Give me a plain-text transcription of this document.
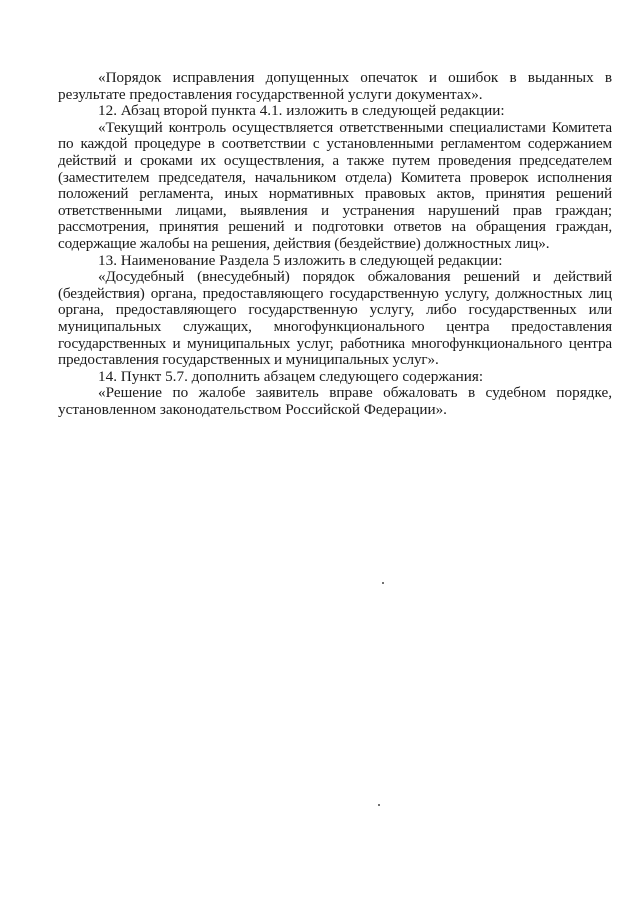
«Порядок исправления допущенных опечаток и ошибок в выданных в результате предоставления государственной услуги документах».

12. Абзац второй пункта 4.1. изложить в следующей редакции:

«Текущий контроль осуществляется ответственными специалистами Комитета по каждой процедуре в соответствии с установленными регламентом содержанием действий и сроками их осуществления, а также путем проведения председателем (заместителем председателя, начальником отдела) Комитета проверок исполнения положений регламента, иных нормативных правовых актов, принятия решений ответственными лицами, выявления и устранения нарушений прав граждан; рассмотрения, принятия решений и подготовки ответов на обращения граждан, содержащие жалобы на решения, действия (бездействие) должностных лиц».

13. Наименование Раздела 5 изложить в следующей редакции:

«Досудебный (внесудебный) порядок обжалования решений и действий (бездействия) органа, предоставляющего государственную услугу, должностных лиц органа, предоставляющего государственную услугу, либо государственных или муниципальных служащих, многофункционального центра предоставления государственных и муниципальных услуг, работника многофункционального центра предоставления государственных и муниципальных услуг».

14. Пункт 5.7. дополнить абзацем следующего содержания:

«Решение по жалобе заявитель вправе обжаловать в судебном порядке, установленном законодательством Российской Федерации».
